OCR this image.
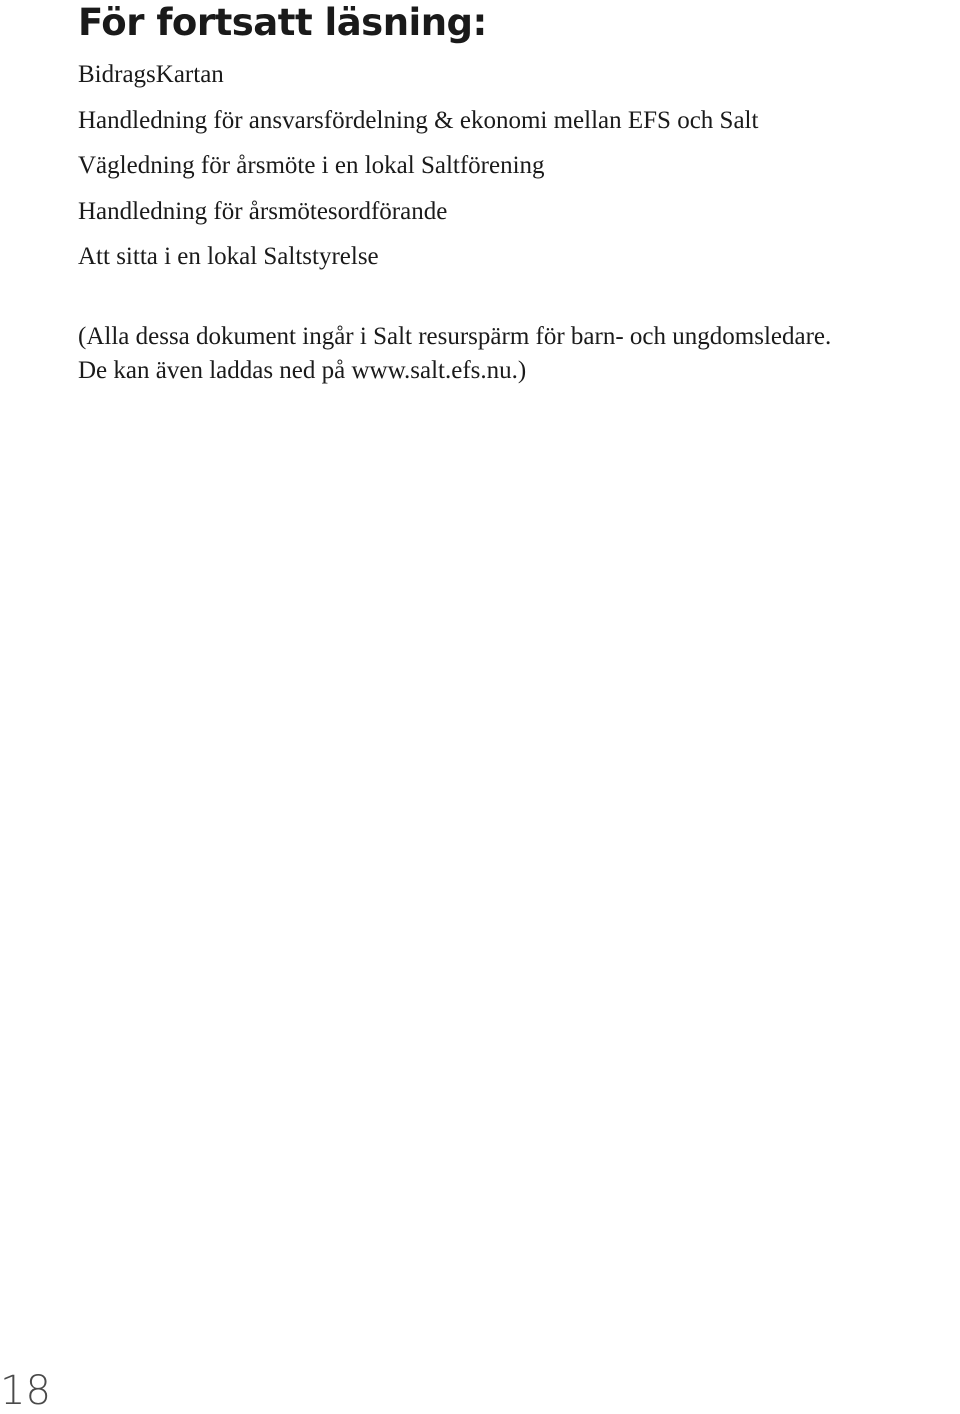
För fortsatt läsning:
BidragsKartan
Handledning för ansvarsfördelning & ekonomi mellan EFS och Salt
Vägledning för årsmöte i en lokal Saltförening
Handledning för årsmötesordförande
Att sitta i en lokal Saltstyrelse

(Alla dessa dokument ingår i Salt resurspärm för barn- och ungdomsledare.
De kan även laddas ned på www.salt.efs.nu.)

18
